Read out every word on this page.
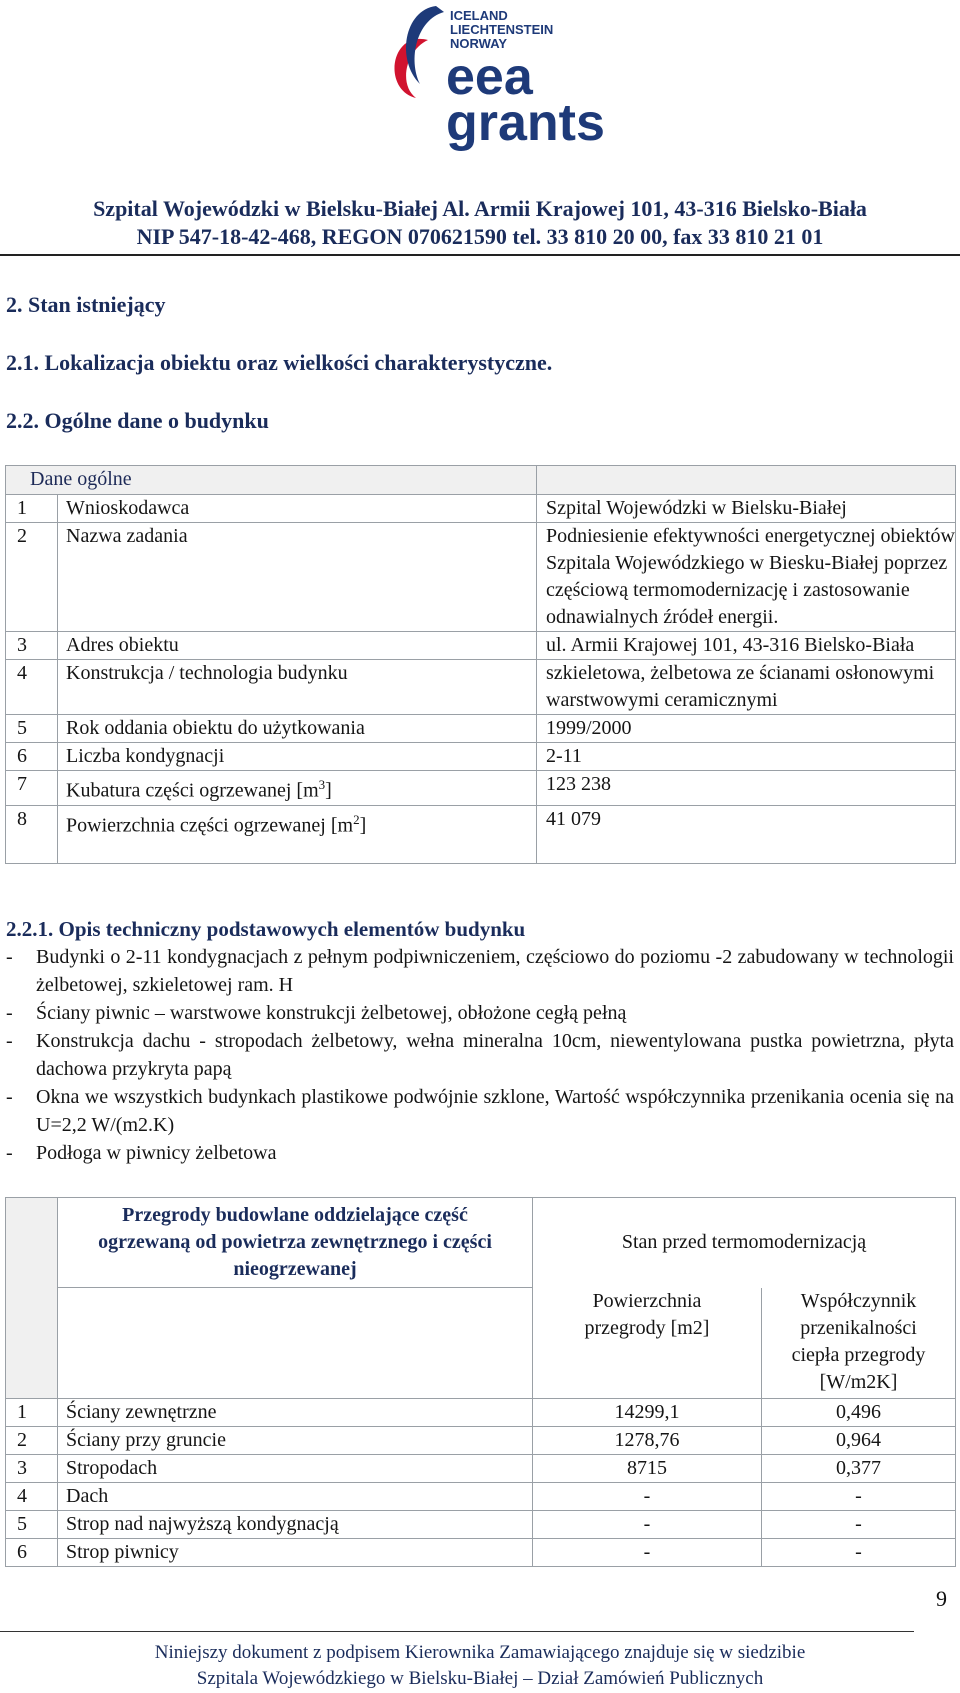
ICELAND
LIECHTENSTEIN
NORWAY
eea
grants
Szpital Wojewódzki w Bielsku-Białej Al. Armii Krajowej 101, 43-316 Bielsko-Biała
NIP 547-18-42-468, REGON 070621590 tel. 33 810 20 00, fax 33 810 21 01
2. Stan istniejący
2.1. Lokalizacja obiektu oraz wielkości charakterystyczne.
2.2. Ogólne dane o budynku
Dane ogólne		
1	Wnioskodawca	Szpital Wojewódzki w Bielsku-Białej
2	Nazwa zadania	Podniesienie efektywności energetycznej obiektów Szpitala Wojewódzkiego w Biesku-Białej poprzez częściową termomodernizację i zastosowanie odnawialnych źródeł energii.
3	Adres obiektu	ul. Armii Krajowej 101, 43-316 Bielsko-Biała
4	Konstrukcja / technologia budynku	szkieletowa, żelbetowa ze ścianami osłonowymi warstwowymi ceramicznymi
5	Rok oddania obiektu do użytkowania	1999/2000
6	Liczba kondygnacji	2-11
7	Kubatura części ogrzewanej $[m^3]$	123 238
8	Powierzchnia części ogrzewanej $[m^2]$	41 079
2.2.1. Opis techniczny podstawowych elementów budynku
-	Budynki o 2-11 kondygnacjach z pełnym podpiwniczeniem, częściowo do poziomu -2 zabudowany w technologii żelbetowej, szkieletowej ram. H
-	Ściany piwnic – warstwowe konstrukcji żelbetowej, obłożone cegłą pełną
-	Konstrukcja dachu - stropodach żelbetowy, wełna mineralna 10cm, niewentylowana pustka powietrzna, płyta dachowa przykryta papą
-	Okna we wszystkich budynkach plastikowe podwójnie szklone, Wartość współczynnika przenikania ocenia się na U=2,2 W/(m2.K)
-	Podłoga w piwnicy żelbetowa
	Przegrody budowlane oddzielające część ogrzewaną od powietrza zewnętrznego i części nieogrzewanej	Stan przed termomodernizacją	
		Powierzchnia przegrody [m2]	Współczynnik przenikalności ciepła przegrody [W/m2K]
1	Ściany zewnętrzne	14299,1	0,496
2	Ściany przy gruncie	1278,76	0,964
3	Stropodach	8715	0,377
4	Dach	-	-
5	Strop nad najwyższą kondygnacją	-	-
6	Strop piwnicy	-	-
9
Niniejszy dokument z podpisem Kierownika Zamawiającego znajduje się w siedzibie
Szpitala Wojewódzkiego w Bielsku-Białej – Dział Zamówień Publicznych
